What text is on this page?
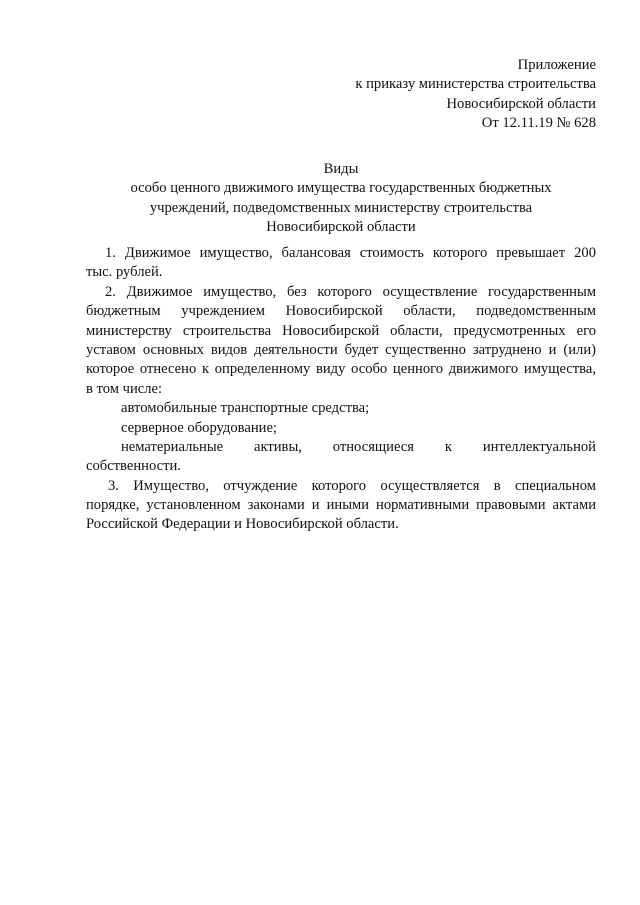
Приложение
к приказу министерства строительства
Новосибирской области
От 12.11.19 № 628
Виды
особо ценного движимого имущества государственных бюджетных
учреждений, подведомственных министерству строительства
Новосибирской области
1. Движимое имущество, балансовая стоимость которого превышает 200
тыс. рублей.
2. Движимое имущество, без которого осуществление государственным
бюджетным учреждением Новосибирской области, подведомственным
министерству строительства Новосибирской области, предусмотренных его
уставом основных видов деятельности будет существенно затруднено и (или)
которое отнесено к определенному виду особо ценного движимого имущества,
в том числе:
автомобильные транспортные средства;
серверное оборудование;
нематериальные активы, относящиеся к интеллектуальной
собственности.
3. Имущество, отчуждение которого осуществляется в специальном
порядке, установленном законами и иными нормативными правовыми актами
Российской Федерации и Новосибирской области.
